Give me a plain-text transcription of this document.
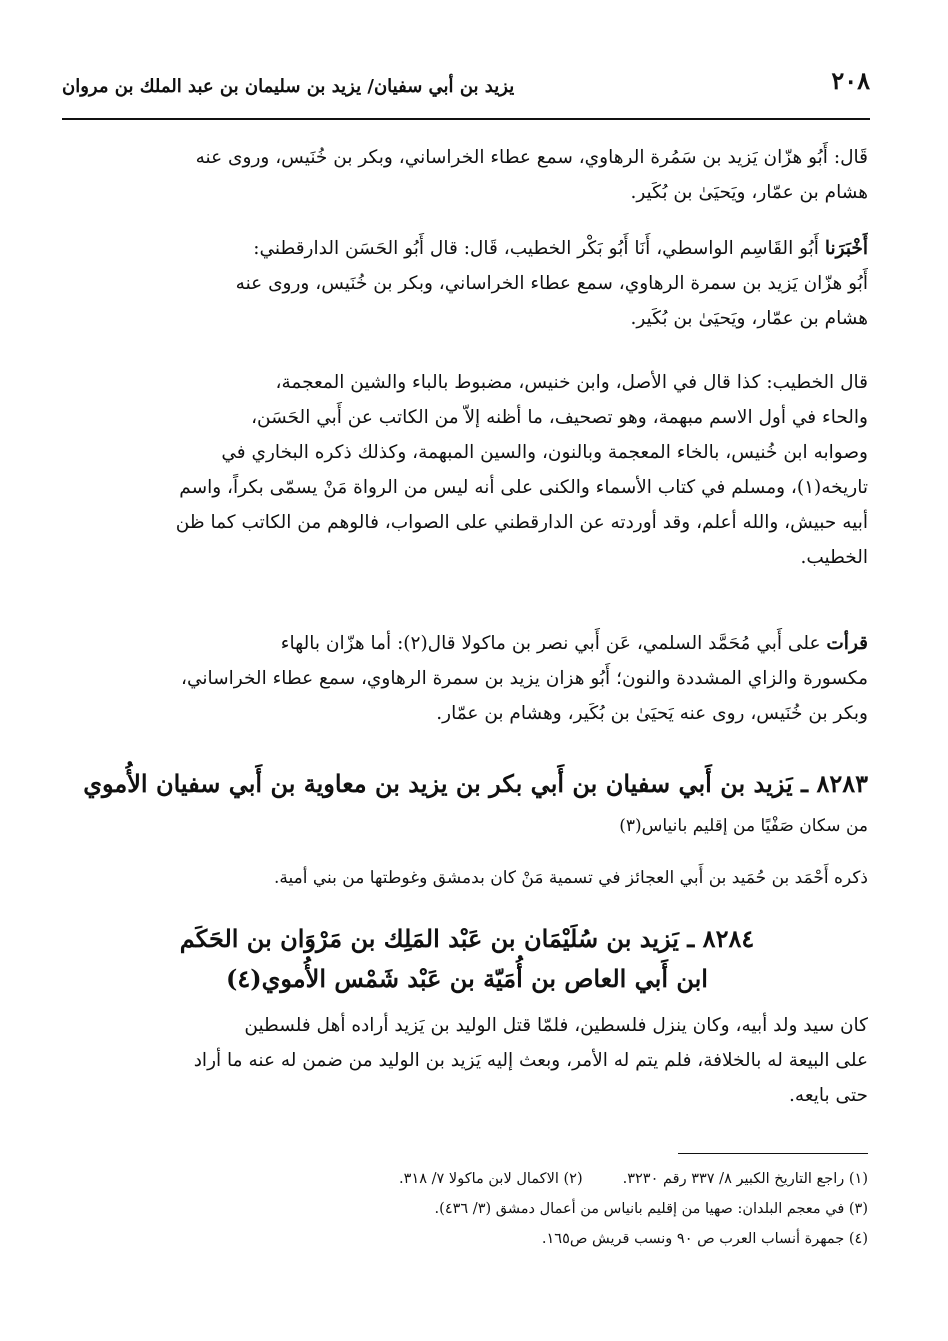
٢٠٨
يزيد بن أبي سفيان/ يزيد بن سليمان بن عبد الملك بن مروان
قَال: أَبُو هزّان يَزيد بن سَمُرة الرهاوي، سمع عطاء الخراساني، وبكر بن خُنَيس، وروى عنه
هشام بن عمّار، ويَحيَىٰ بن بُكَير.
أَخْبَرَنا أَبُو القَاسِم الواسطي، أَنَا أَبُو بَكْر الخطيب، قَال: قال أَبُو الحَسَن الدارقطني:
أَبُو هزّان يَزيد بن سمرة الرهاوي، سمع عطاء الخراساني، وبكر بن خُنَيس، وروى عنه
هشام بن عمّار، ويَحيَىٰ بن بُكَير.
قال الخطيب: كذا قال في الأصل، وابن خنيس، مضبوط بالباء والشين المعجمة،
والحاء في أول الاسم مبهمة، وهو تصحيف، ما أظنه إلاّ من الكاتب عن أَبي الحَسَن،
وصوابه ابن خُنيس، بالخاء المعجمة وبالنون، والسين المبهمة، وكذلك ذكره البخاري في
تاريخه(١)، ومسلم في كتاب الأسماء والكنى على أنه ليس من الرواة مَنْ يسمّى بكراً، واسم
أبيه حبيش، والله أعلم، وقد أوردته عن الدارقطني على الصواب، فالوهم من الكاتب كما ظن
الخطيب.
قرأت على أَبي مُحَمَّد السلمي، عَن أَبي نصر بن ماكولا قال(٢): أما هزّان بالهاء
مكسورة والزاي المشددة والنون؛ أَبُو هزان يزيد بن سمرة الرهاوي، سمع عطاء الخراساني،
وبكر بن خُنَيس، روى عنه يَحيَىٰ بن بُكَير، وهشام بن عمّار.
٨٢٨٣ ـ يَزيد بن أَبي سفيان بن أَبي بكر بن يزيد بن معاوية بن أَبي سفيان الأُموي
من سكان صَفْيًا من إقليم بانياس(٣)
ذكره أَحْمَد بن حُمَيد بن أَبي العجائز في تسمية مَنْ كان بدمشق وغوطتها من بني أمية.
٨٢٨٤ ـ يَزيد بن سُلَيْمَان بن عَبْد المَلِك بن مَرْوَان بن الحَكَم
ابن أَبي العاص بن أُمَيّة بن عَبْد شَمْس الأُموي(٤)
كان سيد ولد أبيه، وكان ينزل فلسطين، فلمّا قتل الوليد بن يَزيد أراده أهل فلسطين
على البيعة له بالخلافة، فلم يتم له الأمر، وبعث إليه يَزيد بن الوليد من ضمن له عنه ما أراد
حتى بايعه.
(١) راجع التاريخ الكبير ٨/ ٣٣٧ رقم ٣٢٣٠.(٢) الاكمال لابن ماكولا ٧/ ٣١٨.
(٣) في معجم البلدان: صهيا من إقليم بانياس من أعمال دمشق (٣/ ٤٣٦).
(٤) جمهرة أنساب العرب ص ٩٠ ونسب قريش ص١٦٥.
